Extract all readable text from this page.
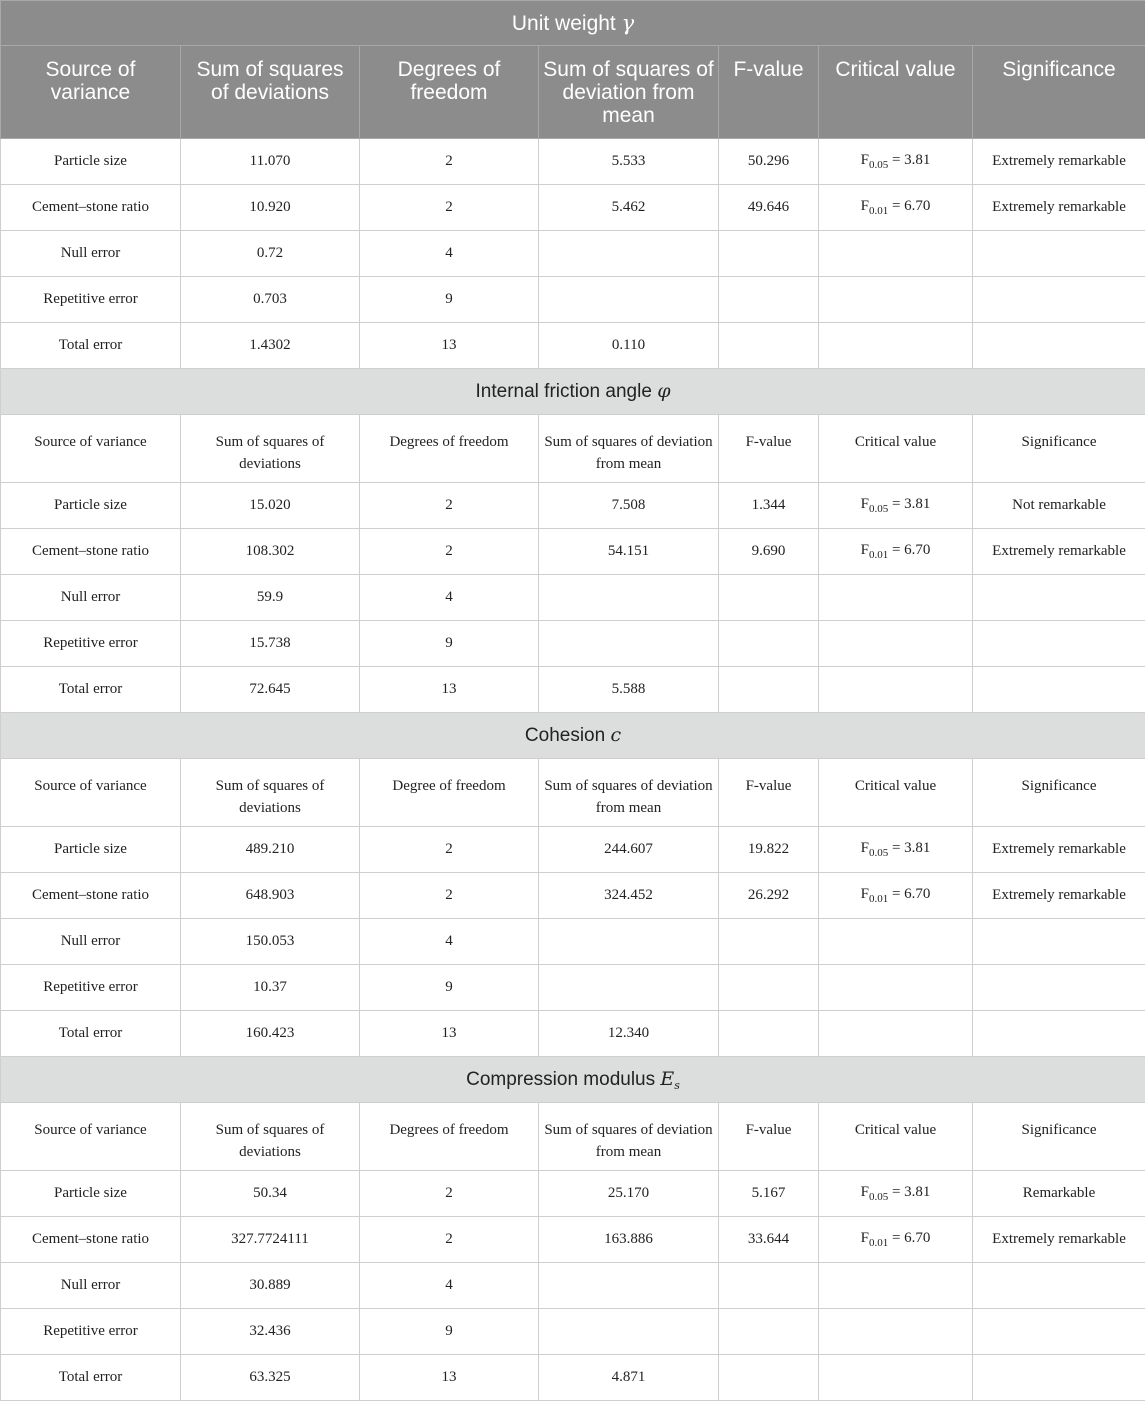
Unit weight γ						
Source of variance	Sum of squares of deviations	Degrees of freedom	Sum of squares of deviation from mean	F-value	Critical value	Significance
Particle size	11.070	2	5.533	50.296	$F_{0.05} = 3.81$	Extremely remarkable
Cement–stone ratio	10.920	2	5.462	49.646	$F_{0.01} = 6.70$	Extremely remarkable
Null error	0.72	4				
Repetitive error	0.703	9				
Total error	1.4302	13	0.110			
Internal friction angle φ						
Source of variance	Sum of squares of deviations	Degrees of freedom	Sum of squares of deviation from mean	F-value	Critical value	Significance
Particle size	15.020	2	7.508	1.344	$F_{0.05} = 3.81$	Not remarkable
Cement–stone ratio	108.302	2	54.151	9.690	$F_{0.01} = 6.70$	Extremely remarkable
Null error	59.9	4				
Repetitive error	15.738	9				
Total error	72.645	13	5.588			
Cohesion c						
Source of variance	Sum of squares of deviations	Degree of freedom	Sum of squares of deviation from mean	F-value	Critical value	Significance
Particle size	489.210	2	244.607	19.822	$F_{0.05} = 3.81$	Extremely remarkable
Cement–stone ratio	648.903	2	324.452	26.292	$F_{0.01} = 6.70$	Extremely remarkable
Null error	150.053	4				
Repetitive error	10.37	9				
Total error	160.423	13	12.340			
Compression modulus $E_s$
Source of variance	Sum of squares of deviations	Degrees of freedom	Sum of squares of deviation from mean	F-value	Critical value	Significance
Particle size	50.34	2	25.170	5.167	$F_{0.05} = 3.81$	Remarkable
Cement–stone ratio	327.7724111	2	163.886	33.644	$F_{0.01} = 6.70$	Extremely remarkable
Null error	30.889	4				
Repetitive error	32.436	9				
Total error	63.325	13	4.871			
